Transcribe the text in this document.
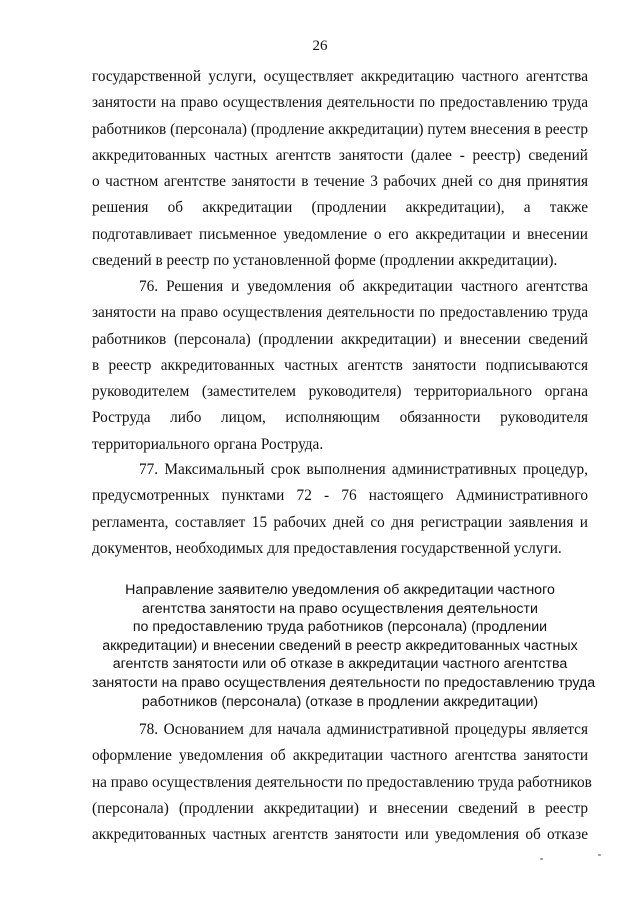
26
государственной услуги, осуществляет аккредитацию частного агентства
занятости на право осуществления деятельности по предоставлению труда
работников (персонала) (продление аккредитации) путем внесения в реестр
аккредитованных частных агентств занятости (далее - реестр) сведений
о частном агентстве занятости в течение 3 рабочих дней со дня принятия
решения об аккредитации (продлении аккредитации), а также
подготавливает письменное уведомление о его аккредитации и внесении
сведений в реестр по установленной форме (продлении аккредитации).
76. Решения и уведомления об аккредитации частного агентства
занятости на право осуществления деятельности по предоставлению труда
работников (персонала) (продлении аккредитации) и внесении сведений
в реестр аккредитованных частных агентств занятости подписываются
руководителем (заместителем руководителя) территориального органа
Роструда либо лицом, исполняющим обязанности руководителя
территориального органа Роструда.
77. Максимальный срок выполнения административных процедур,
предусмотренных пунктами 72 - 76 настоящего Административного
регламента, составляет 15 рабочих дней со дня регистрации заявления и
документов, необходимых для предоставления государственной услуги.
Направление заявителю уведомления об аккредитации частного
агентства занятости на право осуществления деятельности
по предоставлению труда работников (персонала) (продлении
аккредитации) и внесении сведений в реестр аккредитованных частных
агентств занятости или об отказе в аккредитации частного агентства
занятости на право осуществления деятельности по предоставлению труда
работников (персонала) (отказе в продлении аккредитации)
78. Основанием для начала административной процедуры является
оформление уведомления об аккредитации частного агентства занятости
на право осуществления деятельности по предоставлению труда работников
(персонала) (продлении аккредитации) и внесении сведений в реестр
аккредитованных частных агентств занятости или уведомления об отказе
